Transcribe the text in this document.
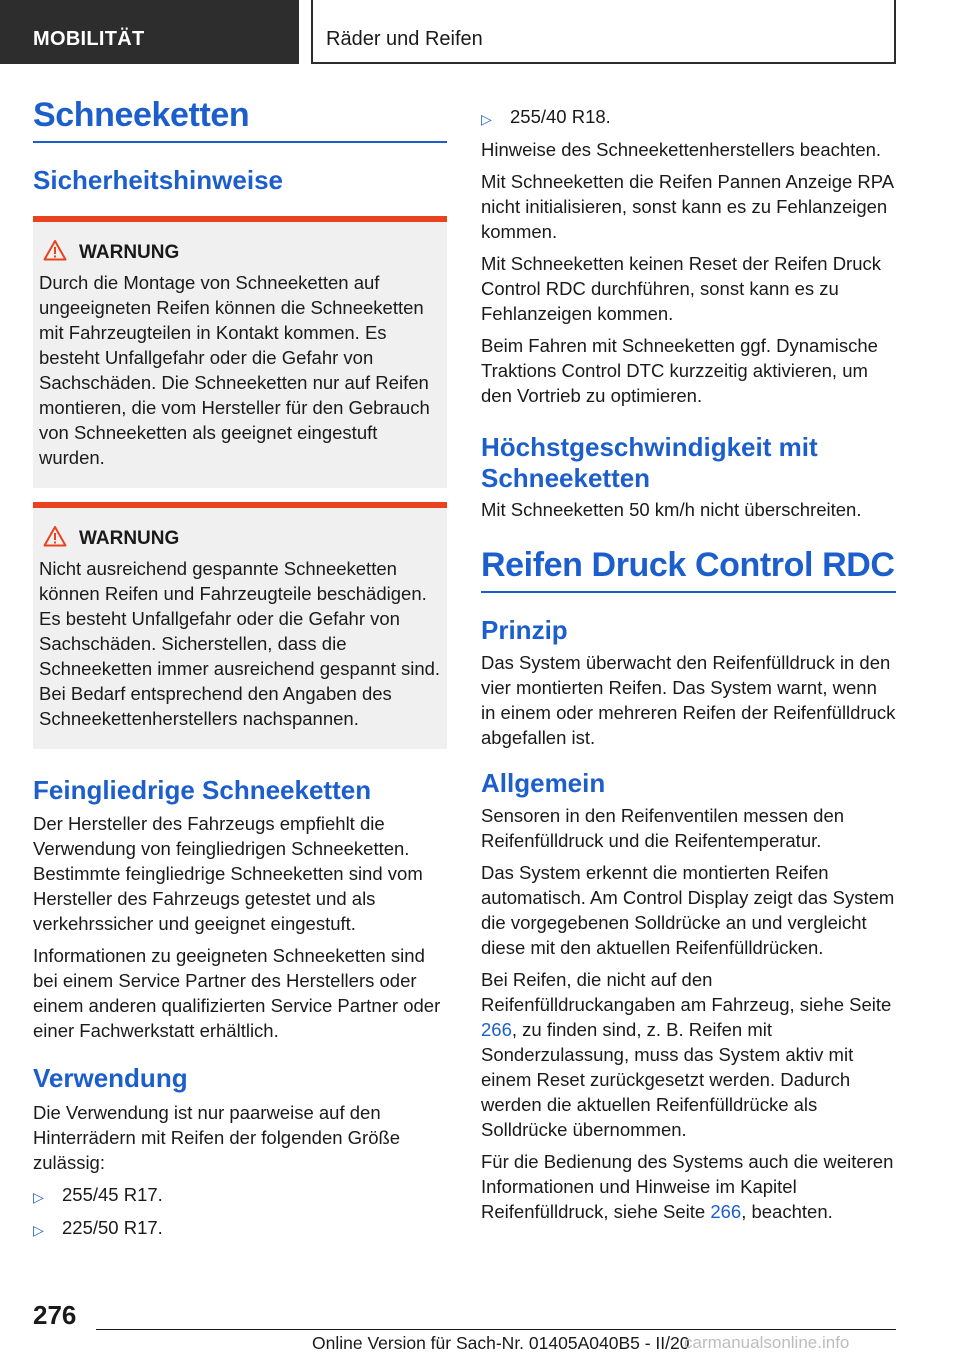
MOBILITÄT	Räder und Reifen
Schneeketten
Sicherheitshinweise
WARNUNG

Durch die Montage von Schneeketten auf ungeeigneten Reifen können die Schneeketten mit Fahrzeugteilen in Kontakt kommen. Es besteht Unfallgefahr oder die Gefahr von Sachschäden. Die Schneeketten nur auf Reifen montieren, die vom Hersteller für den Gebrauch von Schneeketten als geeignet eingestuft wurden.

WARNUNG

Nicht ausreichend gespannte Schneeketten können Reifen und Fahrzeugteile beschädigen. Es besteht Unfallgefahr oder die Gefahr von Sachschäden. Sicherstellen, dass die Schneeketten immer ausreichend gespannt sind. Bei Bedarf entsprechend den Angaben des Schneekettenherstellers nachspannen.

Feingliedrige Schneeketten

Der Hersteller des Fahrzeugs empfiehlt die Verwendung von feingliedrigen Schneeketten. Bestimmte feingliedrige Schneeketten sind vom Hersteller des Fahrzeugs getestet und als verkehrssicher und geeignet eingestuft.

Informationen zu geeigneten Schneeketten sind bei einem Service Partner des Herstellers oder einem anderen qualifizierten Service Partner oder einer Fachwerkstatt erhältlich.

Verwendung

Die Verwendung ist nur paarweise auf den Hinterrädern mit Reifen der folgenden Größe zulässig:

▷ 255/45 R17.
▷ 225/50 R17.
▷ 255/40 R18.

Hinweise des Schneekettenherstellers beachten.

Mit Schneeketten die Reifen Pannen Anzeige RPA nicht initialisieren, sonst kann es zu Fehlanzeigen kommen.

Mit Schneeketten keinen Reset der Reifen Druck Control RDC durchführen, sonst kann es zu Fehlanzeigen kommen.

Beim Fahren mit Schneeketten ggf. Dynamische Traktions Control DTC kurzzeitig aktivieren, um den Vortrieb zu optimieren.

Höchstgeschwindigkeit mit Schneeketten

Mit Schneeketten 50 km/h nicht überschreiten.

Reifen Druck Control RDC
Prinzip

Das System überwacht den Reifenfülldruck in den vier montierten Reifen. Das System warnt, wenn in einem oder mehreren Reifen der Reifenfülldruck abgefallen ist.

Allgemein

Sensoren in den Reifenventilen messen den Reifenfülldruck und die Reifentemperatur.

Das System erkennt die montierten Reifen automatisch. Am Control Display zeigt das System die vorgegebenen Solldrücke an und vergleicht diese mit den aktuellen Reifenfülldrücken.

Bei Reifen, die nicht auf den Reifenfülldruckangaben am Fahrzeug, siehe Seite 266, zu finden sind, z. B. Reifen mit Sonderzulassung, muss das System aktiv mit einem Reset zurückgesetzt werden. Dadurch werden die aktuellen Reifenfülldrücke als Solldrücke übernommen.

Für die Bedienung des Systems auch die weiteren Informationen und Hinweise im Kapitel Reifenfülldruck, siehe Seite 266, beachten.

276
Online Version für Sach-Nr. 01405A040B5 - II/20
carmanualsonline.info
